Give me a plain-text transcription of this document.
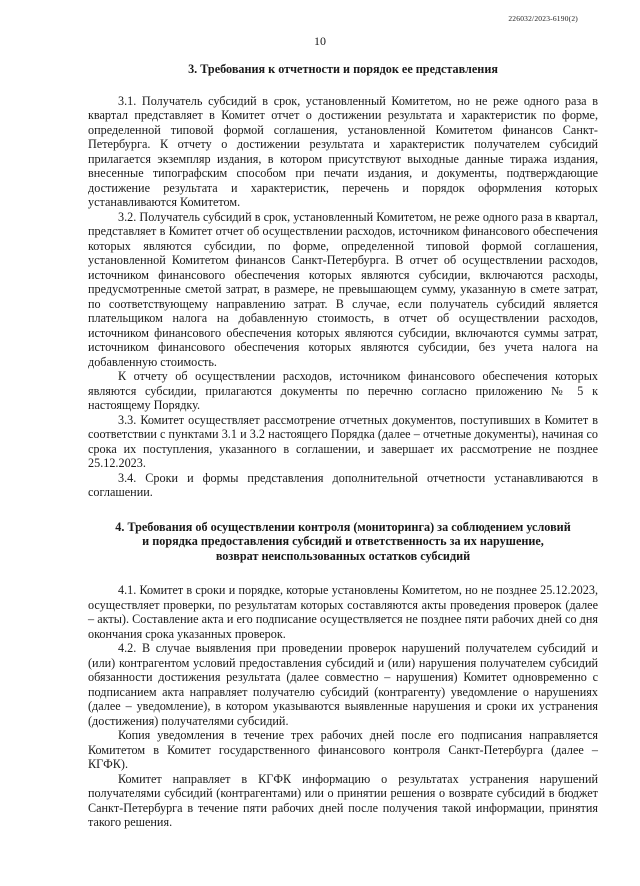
226032/2023-6190(2)
10

3. Требования к отчетности и порядок ее представления

3.1. Получатель субсидий в срок, установленный Комитетом, но не реже одного раза в квартал представляет в Комитет отчет о достижении результата и характеристик по форме, определенной типовой формой соглашения, установленной Комитетом финансов Санкт-Петербурга. К отчету о достижении результата и характеристик получателем субсидий прилагается экземпляр издания, в котором присутствуют выходные данные тиража издания, внесенные типографским способом при печати издания, и документы, подтверждающие достижение результата и характеристик, перечень и порядок оформления которых устанавливаются Комитетом.

3.2. Получатель субсидий в срок, установленный Комитетом, не реже одного раза в квартал, представляет в Комитет отчет об осуществлении расходов, источником финансового обеспечения которых являются субсидии, по форме, определенной типовой формой соглашения, установленной Комитетом финансов Санкт-Петербурга. В отчет об осуществлении расходов, источником финансового обеспечения которых являются субсидии, включаются расходы, предусмотренные сметой затрат, в размере, не превышающем сумму, указанную в смете затрат, по соответствующему направлению затрат. В случае, если получатель субсидий является плательщиком налога на добавленную стоимость, в отчет об осуществлении расходов, источником финансового обеспечения которых являются субсидии, включаются суммы затрат, источником финансового обеспечения которых являются субсидии, без учета налога на добавленную стоимость.

К отчету об осуществлении расходов, источником финансового обеспечения которых являются субсидии, прилагаются документы по перечню согласно приложению № 5 к настоящему Порядку.

3.3. Комитет осуществляет рассмотрение отчетных документов, поступивших в Комитет в соответствии с пунктами 3.1 и 3.2 настоящего Порядка (далее – отчетные документы), начиная со срока их поступления, указанного в соглашении, и завершает их рассмотрение не позднее 25.12.2023.

3.4. Сроки и формы представления дополнительной отчетности устанавливаются в соглашении.

4. Требования об осуществлении контроля (мониторинга) за соблюдением условий

и порядка предоставления субсидий и ответственность за их нарушение,

возврат неиспользованных остатков субсидий

4.1. Комитет в сроки и порядке, которые установлены Комитетом, но не позднее 25.12.2023, осуществляет проверки, по результатам которых составляются акты проведения проверок (далее – акты). Составление акта и его подписание осуществляется не позднее пяти рабочих дней со дня окончания срока указанных проверок.

4.2. В случае выявления при проведении проверок нарушений получателем субсидий и (или) контрагентом условий предоставления субсидий и (или) нарушения получателем субсидий обязанности достижения результата (далее совместно – нарушения) Комитет одновременно с подписанием акта направляет получателю субсидий (контрагенту) уведомление о нарушениях (далее – уведомление), в котором указываются выявленные нарушения и сроки их устранения (достижения) получателями субсидий.

Копия уведомления в течение трех рабочих дней после его подписания направляется Комитетом в Комитет государственного финансового контроля Санкт-Петербурга (далее – КГФК).

Комитет направляет в КГФК информацию о результатах устранения нарушений получателями субсидий (контрагентами) или о принятии решения о возврате субсидий в бюджет Санкт-Петербурга в течение пяти рабочих дней после получения такой информации, принятия такого решения.
